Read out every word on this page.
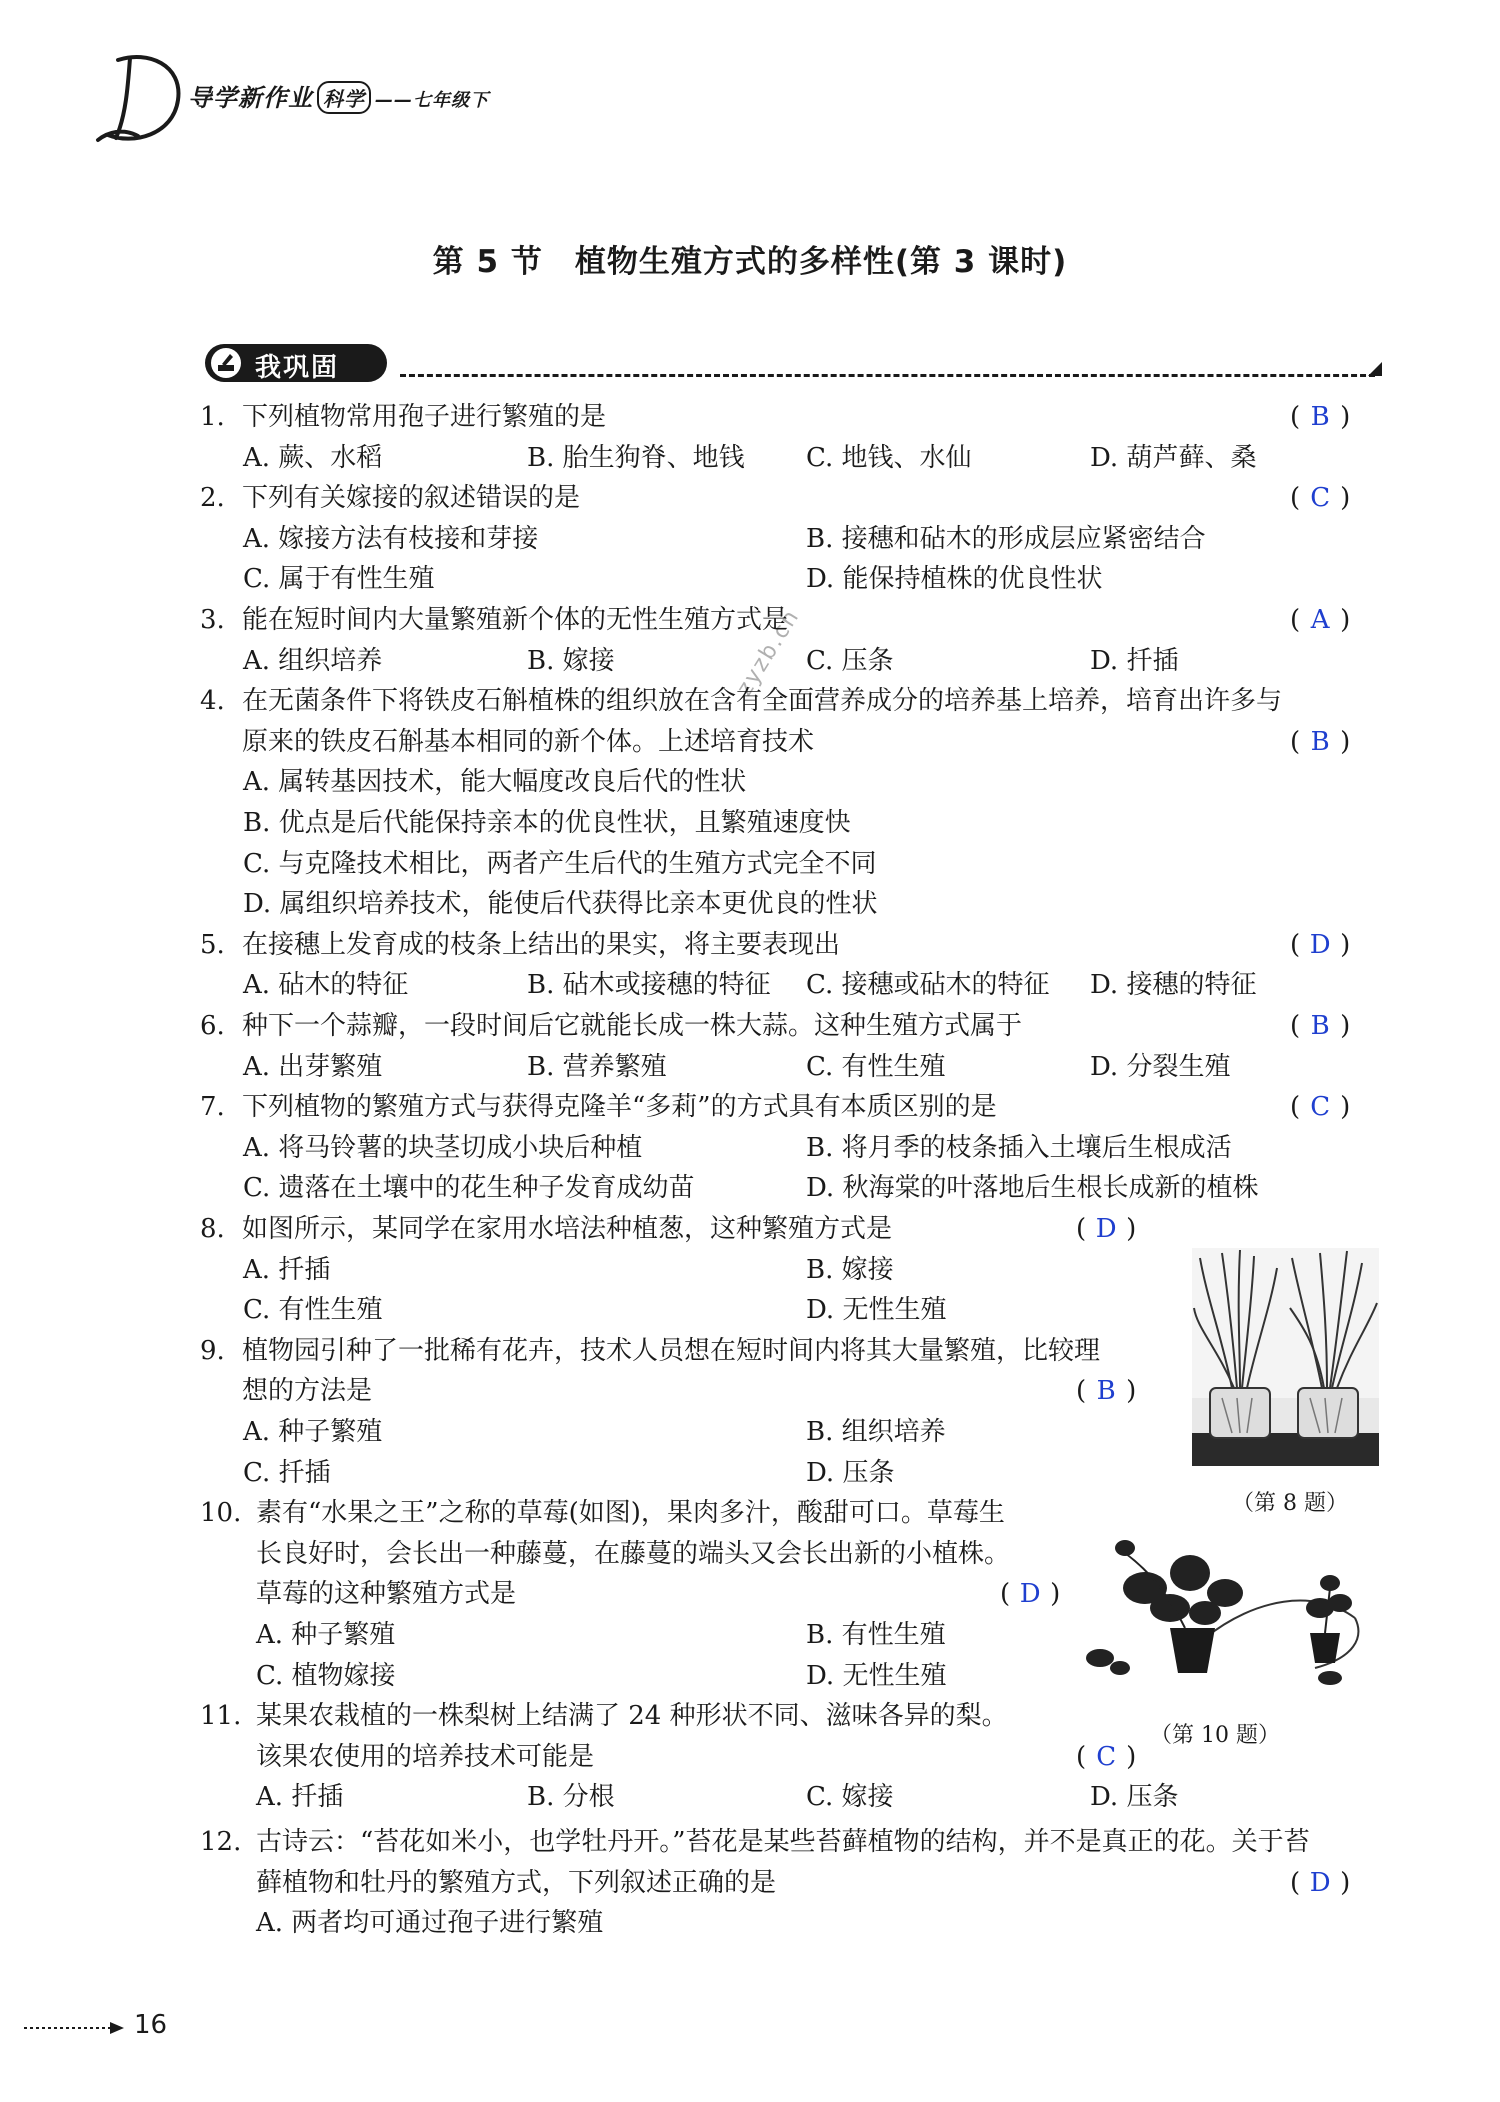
导学新作业 科学 ——七年级下
第 5 节　植物生殖方式的多样性(第 3 课时)
我巩固
zyzb.cn
1. 下列植物常用孢子进行繁殖的是	( B )
A. 蕨、水稻	B. 胎生狗脊、地钱 C. 地钱、水仙	D. 葫芦藓、桑
2. 下列有关嫁接的叙述错误的是	( C )
A. 嫁接方法有枝接和芽接	B. 接穗和砧木的形成层应紧密结合
C. 属于有性生殖	D. 能保持植株的优良性状
3. 能在短时间内大量繁殖新个体的无性生殖方式是	( A )
A. 组织培养	B. 嫁接	C. 压条	D. 扦插
4. 在无菌条件下将铁皮石斛植株的组织放在含有全面营养成分的培养基上培养，培育出许多与
原来的铁皮石斛基本相同的新个体。上述培育技术	( B )
A. 属转基因技术，能大幅度改良后代的性状
B. 优点是后代能保持亲本的优良性状，且繁殖速度快
C. 与克隆技术相比，两者产生后代的生殖方式完全不同
D. 属组织培养技术，能使后代获得比亲本更优良的性状
5. 在接穗上发育成的枝条上结出的果实，将主要表现出	( D )
A. 砧木的特征	B. 砧木或接穗的特征 C. 接穗或砧木的特征 D. 接穗的特征
6. 种下一个蒜瓣，一段时间后它就能长成一株大蒜。这种生殖方式属于	( B )
A. 出芽繁殖	B. 营养繁殖	C. 有性生殖	D. 分裂生殖
7. 下列植物的繁殖方式与获得克隆羊“多莉”的方式具有本质区别的是	( C )
A. 将马铃薯的块茎切成小块后种植	B. 将月季的枝条插入土壤后生根成活
C. 遗落在土壤中的花生种子发育成幼苗	D. 秋海棠的叶落地后生根长成新的植株
8. 如图所示，某同学在家用水培法种植葱，这种繁殖方式是	( D )
A. 扦插	B. 嫁接
C. 有性生殖	D. 无性生殖
9. 植物园引种了一批稀有花卉，技术人员想在短时间内将其大量繁殖，比较理
想的方法是	( B )
A. 种子繁殖	B. 组织培养
C. 扦插	D. 压条
10. 素有“水果之王”之称的草莓(如图)，果肉多汁，酸甜可口。草莓生
长良好时，会长出一种藤蔓，在藤蔓的端头又会长出新的小植株。
草莓的这种繁殖方式是	( D )
A. 种子繁殖	B. 有性生殖
C. 植物嫁接	D. 无性生殖
11. 某果农栽植的一株梨树上结满了 24 种形状不同、滋味各异的梨。
该果农使用的培养技术可能是	( C )
A. 扦插	B. 分根	C. 嫁接	D. 压条
12. 古诗云：“苔花如米小，也学牡丹开。”苔花是某些苔藓植物的结构，并不是真正的花。关于苔
藓植物和牡丹的繁殖方式，下列叙述正确的是	( D )
A. 两者均可通过孢子进行繁殖
（第 8 题）
（第 10 题）
16
